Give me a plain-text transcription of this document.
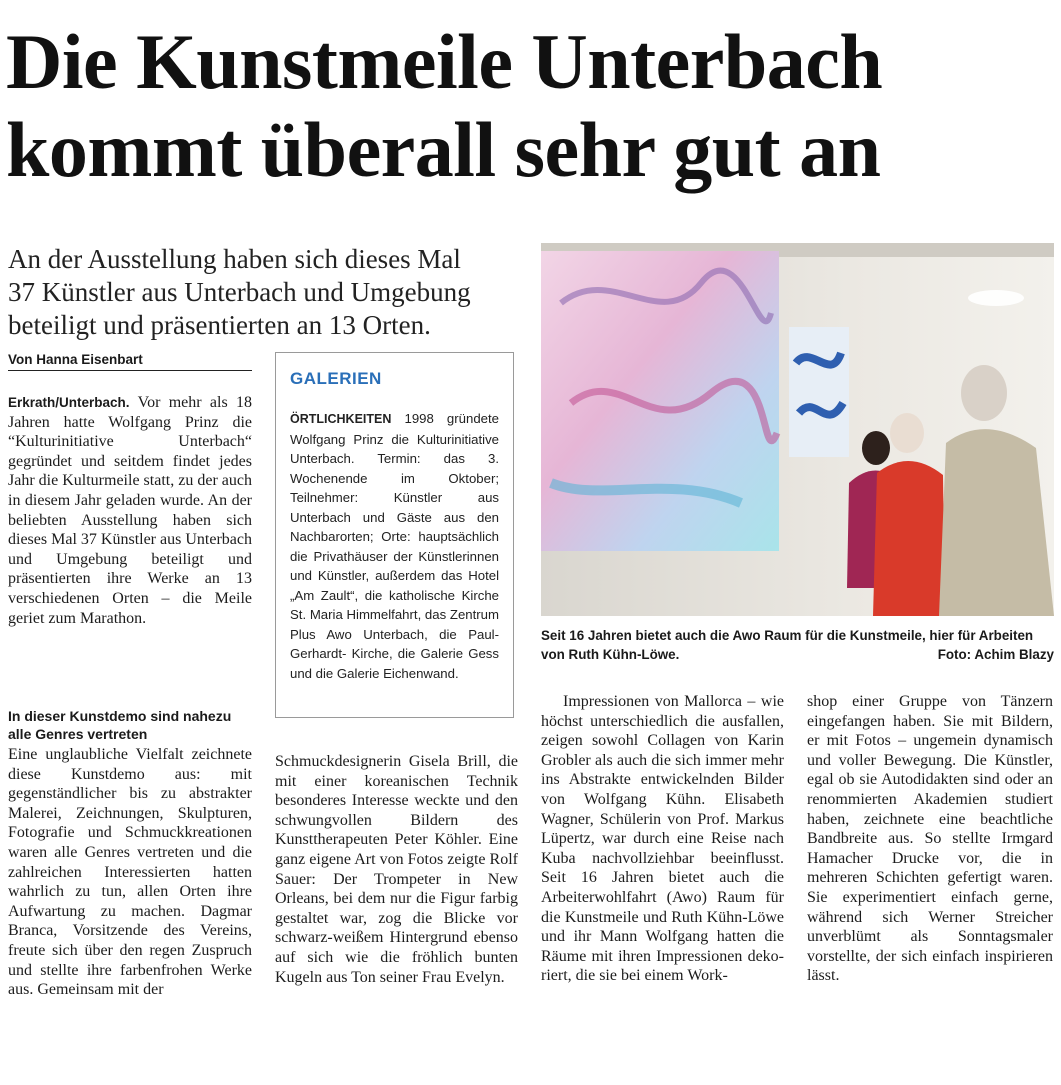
Die Kunstmeile Unterbach
kommt überall sehr gut an
An der Ausstellung haben sich dieses Mal
37 Künstler aus Unterbach und Umgebung
beteiligt und präsentierten an 13 Orten.
Von Hanna Eisenbart

Erkrath/Unterbach. Vor mehr als 18 Jahren hatte Wolfgang Prinz die “Kulturinitiative Unterbach“ gegründet und seitdem findet jedes Jahr die Kulturmeile statt, zu der auch in diesem Jahr geladen wurde. An der beliebten Ausstellung haben sich dieses Mal 37 Künstler aus Unterbach und Umgebung beteiligt und präsentierten ihre Werke an 13 verschiedenen Orten – die Meile geriet zum Marathon.

In dieser Kunstdemo sind nahezu alle Genres vertreten
Eine unglaubliche Vielfalt zeichnete diese Kunstdemo aus: mit gegenständlicher bis zu abstrakter Malerei, Zeichnungen, Skulpturen, Fotografie und Schmuckkreationen waren alle Genres vertreten und die zahlreichen Interessierten hatten wahrlich zu tun, allen Orten ihre Aufwartung zu machen. Dagmar Branca, Vorsitzende des Vereins, freute sich über den regen Zuspruch und stellte ihre farbenfrohen Werke aus. Gemeinsam mit der
GALERIEN
ÖRTLICHKEITEN 1998 gründete Wolfgang Prinz die Kulturinitiative Unterbach. Termin: das 3. Wochenende im Oktober; Teilnehmer: Künstler aus Unterbach und Gäste aus den Nachbarorten; Orte: hauptsächlich die Privathäuser der Künstlerinnen und Künstler, außerdem das Hotel „Am Zault“, die katholische Kirche St. Maria Himmelfahrt, das Zentrum Plus Awo Unterbach, die Paul- Gerhardt- Kirche, die Galerie Gess und die Galerie Eichenwand.
Schmuckdesignerin Gisela Brill, die mit einer koreanischen Technik besonderes Interesse weckte und den schwungvollen Bildern des Kunsttherapeuten Peter Köhler. Eine ganz eigene Art von Fotos zeigte Rolf Sauer: Der Trompeter in New Orleans, bei dem nur die Figur farbig gestaltet war, zog die Blicke vor schwarz-weißem Hintergrund ebenso auf sich wie die fröhlich bunten Kugeln aus Ton seiner Frau Evelyn.
Seit 16 Jahren bietet auch die Awo Raum für die Kunstmeile, hier für Arbeiten von Ruth Kühn-Löwe.	Foto: Achim Blazy
Impressionen von Mallorca – wie höchst unterschiedlich die ausfallen, zeigen sowohl Collagen von Karin Grobler als auch die sich immer mehr ins Abstrakte entwickelnden Bilder von Wolfgang Kühn. Elisabeth Wagner, Schülerin von Prof. Markus Lüpertz, war durch eine Reise nach Kuba nachvollziehbar beeinflusst. Seit 16 Jahren bietet auch die Arbeiterwohlfahrt (Awo) Raum für die Kunstmeile und Ruth Kühn-Löwe und ihr Mann Wolfgang hatten die Räume mit ihren Impressionen dekoriert, die sie bei einem Work-
shop einer Gruppe von Tänzern eingefangen haben. Sie mit Bildern, er mit Fotos – ungemein dynamisch und voller Bewegung. Die Künstler, egal ob sie Autodidakten sind oder an renommierten Akademien studiert haben, zeichnete eine beachtliche Bandbreite aus. So stellte Irmgard Hamacher Drucke vor, die in mehreren Schichten gefertigt waren. Sie experimentiert einfach gerne, während sich Werner Streicher unverblümt als Sonntagsmaler vorstellte, der sich einfach inspirieren lässt.
